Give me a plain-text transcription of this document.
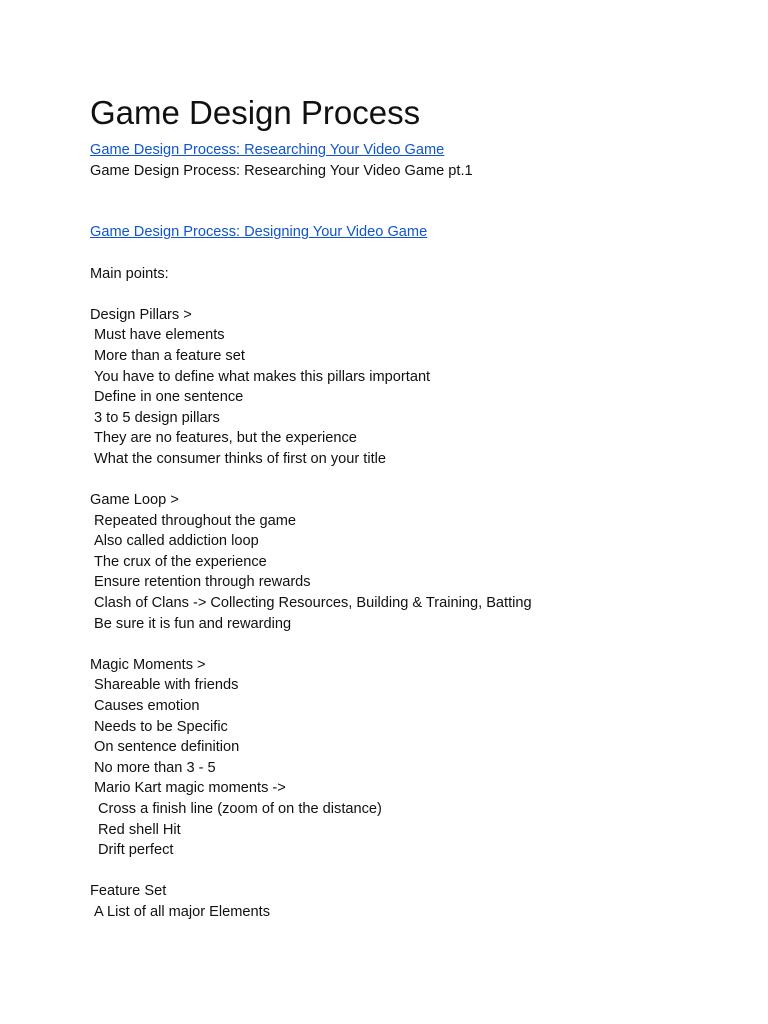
Game Design Process
Game Design Process: Researching Your Video Game
Game Design Process: Researching Your Video Game pt.1
Game Design Process: Designing Your Video Game
Main points:
Design Pillars >
Must have elements
More than a feature set
You have to define what makes this pillars important
Define in one sentence
3 to 5 design pillars
They are no features, but the experience
What the consumer thinks of first on your title
Game Loop >
Repeated throughout the game
Also called addiction loop
The crux of the experience
Ensure retention through rewards
Clash of Clans -> Collecting Resources, Building & Training, Batting
Be sure it is fun and rewarding
Magic Moments >
Shareable with friends
Causes emotion
Needs to be Specific
On sentence definition
No more than 3 - 5
Mario Kart magic moments ->
Cross a finish line (zoom of on the distance)
Red shell Hit
Drift perfect
Feature Set
A List of all major Elements
